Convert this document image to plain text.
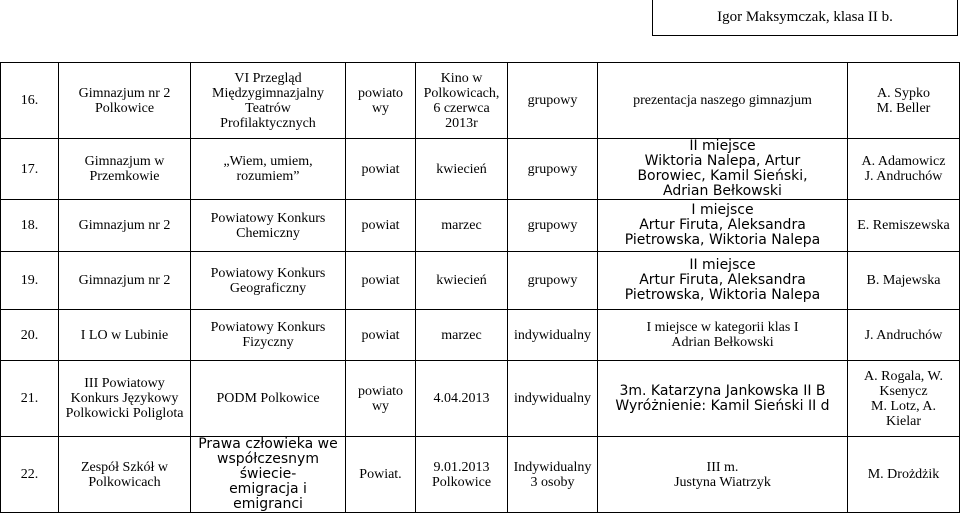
Igor Maksymczak, klasa II b.
16.	Gimnazjum nr 2
Polkowice	VI Przegląd
Międzygimnazjalny
Teatrów
Profilaktycznych	powiato
wy	Kino w
Polkowicach,
6 czerwca
2013r	grupowy	prezentacja naszego gimnazjum	A. Sypko
M. Beller

17.	Gimnazjum w
Przemkowie	„Wiem, umiem,
rozumiem”	powiat	kwiecień	grupowy	II miejsce
Wiktoria Nalepa, Artur
Borowiec, Kamil Sieński,
Adrian Bełkowski	A. Adamowicz
J. Andruchów

18.	Gimnazjum nr 2	Powiatowy Konkurs
Chemiczny	powiat	marzec	grupowy	I miejsce
Artur Firuta, Aleksandra
Pietrowska, Wiktoria Nalepa	E. Remiszewska

19.	Gimnazjum nr 2	Powiatowy Konkurs
Geograficzny	powiat	kwiecień	grupowy	II miejsce
Artur Firuta, Aleksandra
Pietrowska, Wiktoria Nalepa	B. Majewska

20.	I LO w Lubinie	Powiatowy Konkurs
Fizyczny	powiat	marzec	indywidualny	I miejsce w kategorii klas I
Adrian Bełkowski	J. Andruchów

21.	III Powiatowy
Konkurs Językowy
Polkowicki Poliglota	PODM Polkowice	powiato
wy	4.04.2013	indywidualny	3m. Katarzyna Jankowska II B
Wyróżnienie: Kamil Sieński II d	A. Rogala, W.
Ksenycz
M. Lotz, A.
Kielar

22.	Zespół Szkół w
Polkowicach	Prawa człowieka we
współczesnym świecie-
emigracja i emigranci	Powiat.	9.01.2013
Polkowice	Indywidualny
3 osoby	III m.
Justyna Wiatrzyk	M. Drożdżik
